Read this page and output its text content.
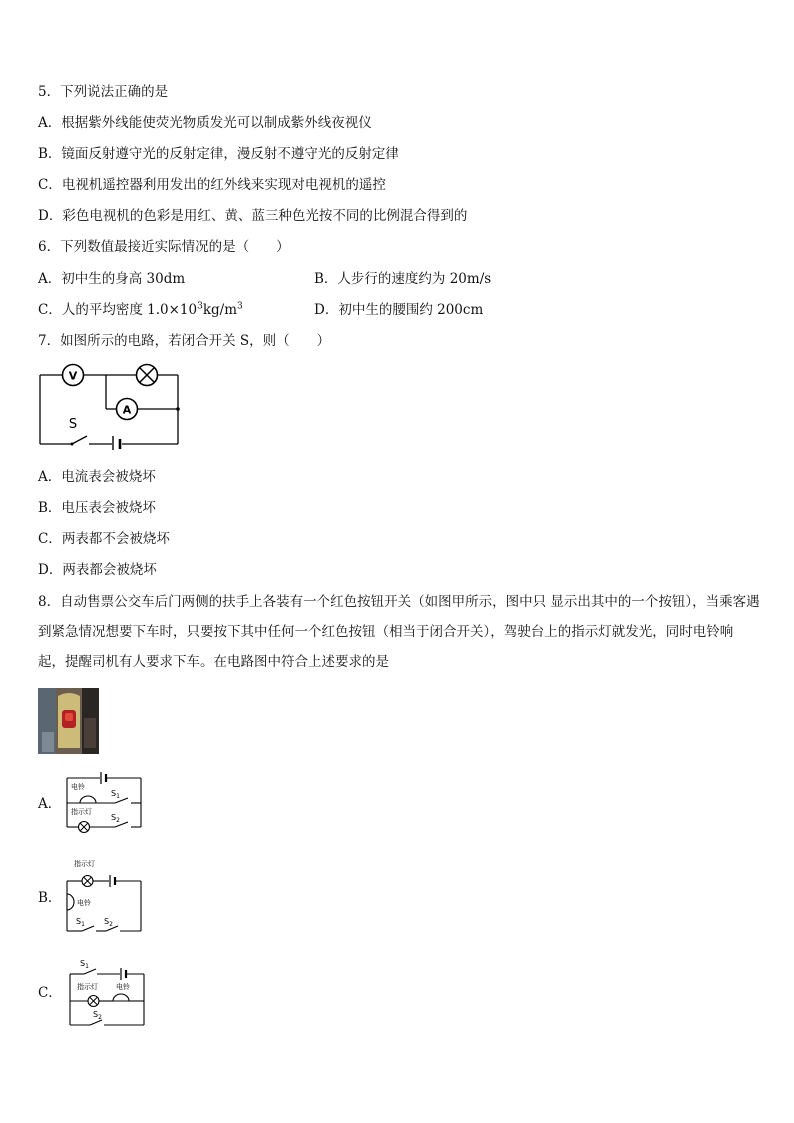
5．下列说法正确的是
A．根据紫外线能使荧光物质发光可以制成紫外线夜视仪
B．镜面反射遵守光的反射定律，漫反射不遵守光的反射定律
C．电视机遥控器利用发出的红外线来实现对电视机的遥控
D．彩色电视机的色彩是用红、黄、蓝三种色光按不同的比例混合得到的
6．下列数值最接近实际情况的是（　　）
A．初中生的身高 30dm	B．人步行的速度约为 20m/s
C．人的平均密度 $1.0\times 10^3kg/m^3$	D．初中生的腰围约 200cm
7．如图所示的电路，若闭合开关 S，则（　　）
V
A
S
A．电流表会被烧坏
B．电压表会被烧坏
C．两表都不会被烧坏
D．两表都会被烧坏
8．自动售票公交车后门两侧的扶手上各装有一个红色按钮开关（如图甲所示，图中只 显示出其中的一个按钮），当乘客遇到紧急情况想要下车时，只要按下其中任何一个红色按钮（相当于闭合开关），驾驶台上的指示灯就发光，同时电铃响起，提醒司机有人要求下车。在电路图中符合上述要求的是
A．
电铃
指示灯
$S_1$
$S_2$
B．
指示灯
电铃
$S_1$ $S_2$
C．
$S_1$
指示灯	电铃
$S_2$
